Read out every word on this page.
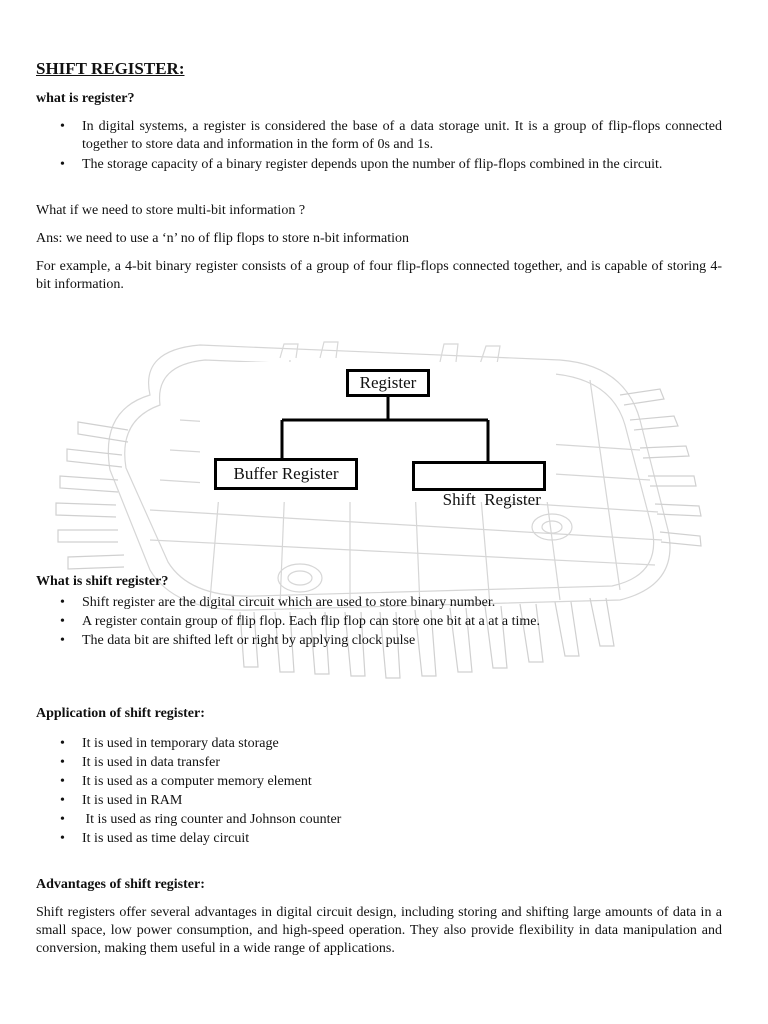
SHIFT REGISTER:
what is register?
• In digital systems, a register is considered the base of a data storage unit. It is a group of flip-flops connected together to store data and information in the form of 0s and 1s.
• The storage capacity of a binary register depends upon the number of flip-flops combined in the circuit.

What if we need to store multi-bit information ?

Ans: we need to use a ‘n’ no of flip flops to store n-bit information

For example, a 4-bit binary register consists of a group of four flip-flops connected together, and is capable of storing 4-bit information.

What is shift register?
• Shift register are the digital circuit which are used to store binary number.
• A register contain group of flip flop. Each flip flop can store one bit at a at a time.
• The data bit are shifted left or right by applying clock pulse
Application of shift register:
• It is used in temporary data storage
• It is used in data transfer
• It is used as a computer memory element
• It is used in RAM
•  It is used as ring counter and Johnson counter
• It is used as time delay circuit
Advantages of shift register:

Shift registers offer several advantages in digital circuit design, including storing and shifting large amounts of data in a small space, low power consumption, and high-speed operation. They also provide flexibility in data manipulation and conversion, making them useful in a wide range of applications.

Register
Buffer Register

Shift  Register
